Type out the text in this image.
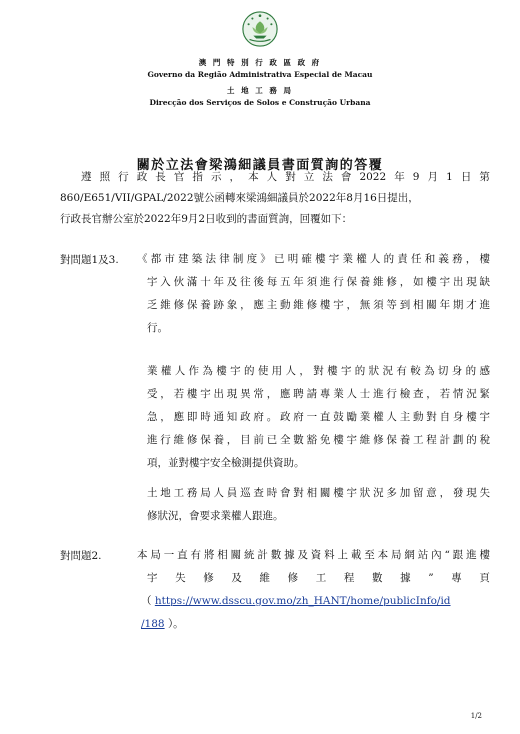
澳 門 特 別 行 政 區 政 府
Governo da Região Administrativa Especial de Macau
土 地 工 務 局
Direcção dos Serviços de Solos e Construção Urbana
關於立法會梁鴻細議員書面質詢的答覆
遵 照 行 政 長 官 指 示 ， 本 人 對 立 法 會 2022 年 9 月 1 日 第
860/E651/VII/GPAL/2022號公函轉來梁鴻細議員於2022年8月16日提出，
行政長官辦公室於2022年9月2日收到的書面質詢，回覆如下：
對問題1及3. 《都市建築法律制度》已明確樓宇業權人的責任和義務，樓
宇入伙滿十年及往後每五年須進行保養維修，如樓宇出現缺
乏維修保養跡象，應主動維修樓宇，無須等到相關年期才進
行。
業權人作為樓宇的使用人，對樓宇的狀況有較為切身的感
受，若樓宇出現異常，應聘請專業人士進行檢查，若情況緊
急，應即時通知政府。政府一直鼓勵業權人主動對自身樓宇
進行維修保養，目前已全數豁免樓宇維修保養工程計劃的稅
項，並對樓宇安全檢測提供資助。
土地工務局人員巡查時會對相關樓宇狀況多加留意，發現失
修狀況，會要求業權人跟進。
對問題2.	本局一直有將相關統計數據及資料上載至本局網站內“跟進樓
宇 失 修 及 維 修 工 程 數 據 ” 專 頁
（ https://www.dsscu.gov.mo/zh_HANT/home/publicInfo/id
/188 ）。
1/2
